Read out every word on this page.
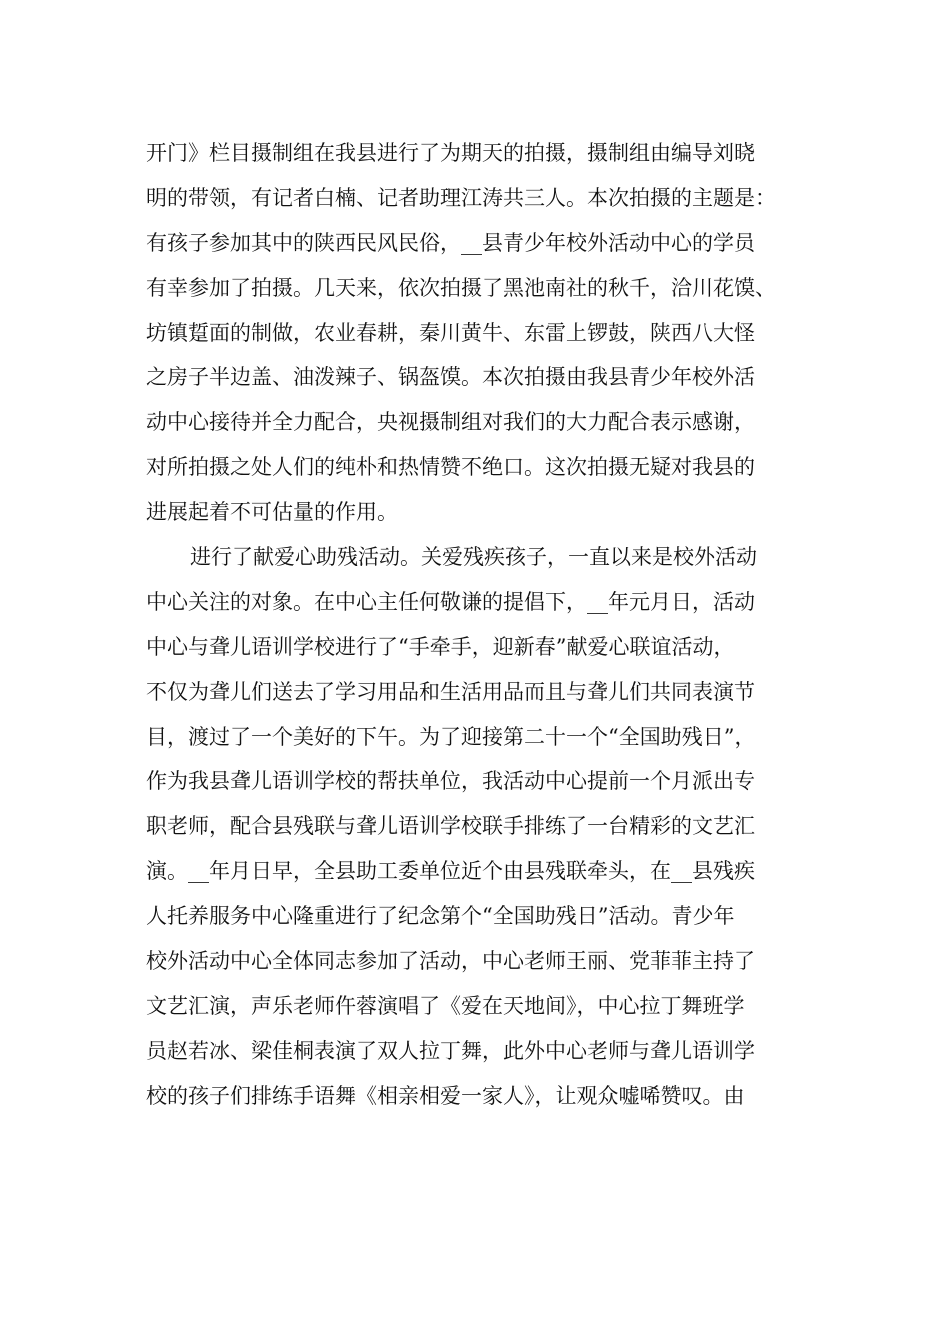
开门》栏目摄制组在我县进行了为期天的拍摄，摄制组由编导刘晓
明的带领，有记者白楠、记者助理江涛共三人。本次拍摄的主题是：
有孩子参加其中的陕西民风民俗，__县青少年校外活动中心的学员
有幸参加了拍摄。几天来，依次拍摄了黑池南社的秋千，洽川花馍、
坊镇踅面的制做，农业春耕，秦川黄牛、东雷上锣鼓，陕西八大怪
之房子半边盖、油泼辣子、锅盔馍。本次拍摄由我县青少年校外活
动中心接待并全力配合，央视摄制组对我们的大力配合表示感谢，
对所拍摄之处人们的纯朴和热情赞不绝口。这次拍摄无疑对我县的
进展起着不可估量的作用。
进行了献爱心助残活动。关爱残疾孩子，一直以来是校外活动
中心关注的对象。在中心主任何敬谦的提倡下，__年元月日，活动
中心与聋儿语训学校进行了“手牵手，迎新春”献爱心联谊活动，
不仅为聋儿们送去了学习用品和生活用品而且与聋儿们共同表演节
目，渡过了一个美好的下午。为了迎接第二十一个“全国助残日”，
作为我县聋儿语训学校的帮扶单位，我活动中心提前一个月派出专
职老师，配合县残联与聋儿语训学校联手排练了一台精彩的文艺汇
演。__年月日早，全县助工委单位近个由县残联牵头，在__县残疾
人托养服务中心隆重进行了纪念第个“全国助残日”活动。青少年
校外活动中心全体同志参加了活动，中心老师王丽、党菲菲主持了
文艺汇演，声乐老师仵蓉演唱了《爱在天地间》，中心拉丁舞班学
员赵若冰、梁佳桐表演了双人拉丁舞，此外中心老师与聋儿语训学
校的孩子们排练手语舞《相亲相爱一家人》，让观众嘘唏赞叹。由
